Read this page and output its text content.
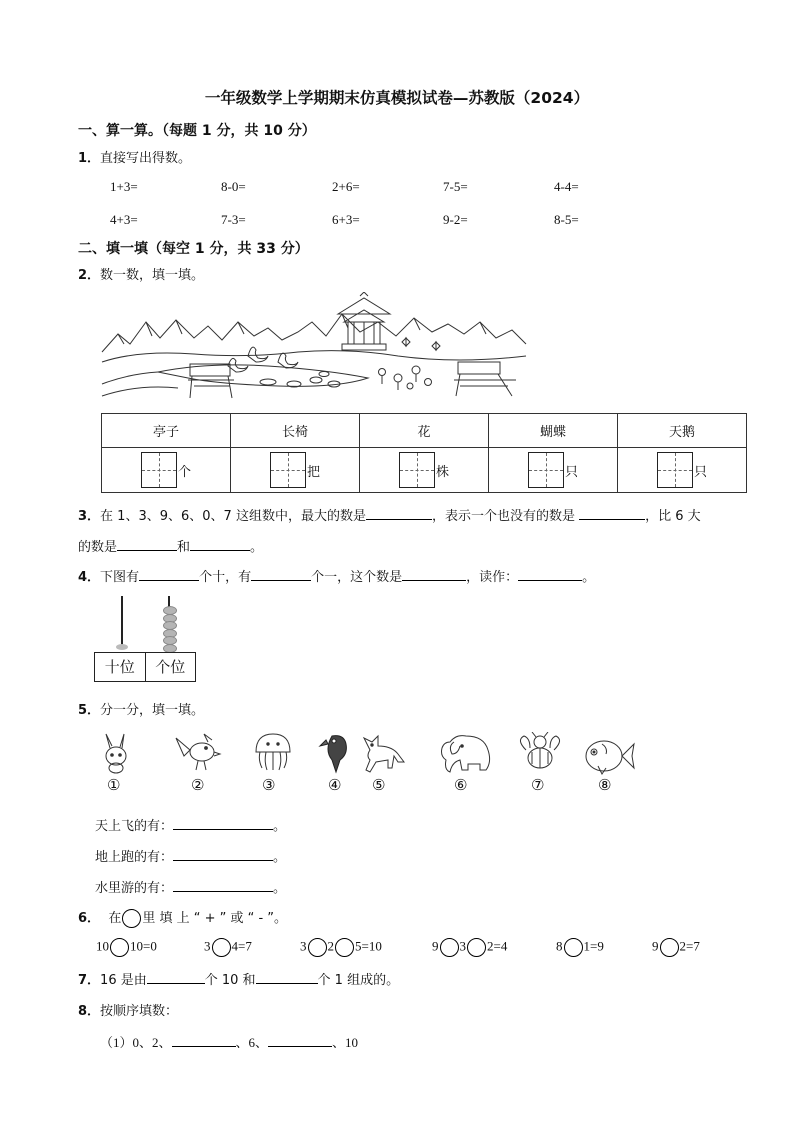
一年级数学上学期期末仿真模拟试卷—苏教版（2024）
一、算一算。（每题 1 分，共 10 分）
1．直接写出得数。
1+3=	8-0=	2+6=	7-5=	4-4=
4+3=	7-3=	6+3=	9-2=	8-5=
二、填一填（每空 1 分，共 33 分）
2．数一数，填一填。
亭子	长椅	花	蝴蝶	天鹅
个	把	株	只	只
3．在 1、3、9、6、0、7 这组数中，最大的数是	，表示一个也没有的数是	，比 6 大
的数是	和	。
4．下图有	个十，有	个一，这个数是	，读作：	。
十位	个位
5．分一分，填一填。
①	②	③	④ ⑤	⑥	⑦	⑧
天上飞的有：	。
地上跑的有：	。
水里游的有：	。
6． 在 里 填 上 “ + ” 或 “ - ”。
10 10=0	3 4=7	3 2 5=10	9 3 2=4	8 1=9	9 2=7
7．16 是由	个 10 和	个 1 组成的。
8．按顺序填数：
（1）0、2、	、6、	、10
